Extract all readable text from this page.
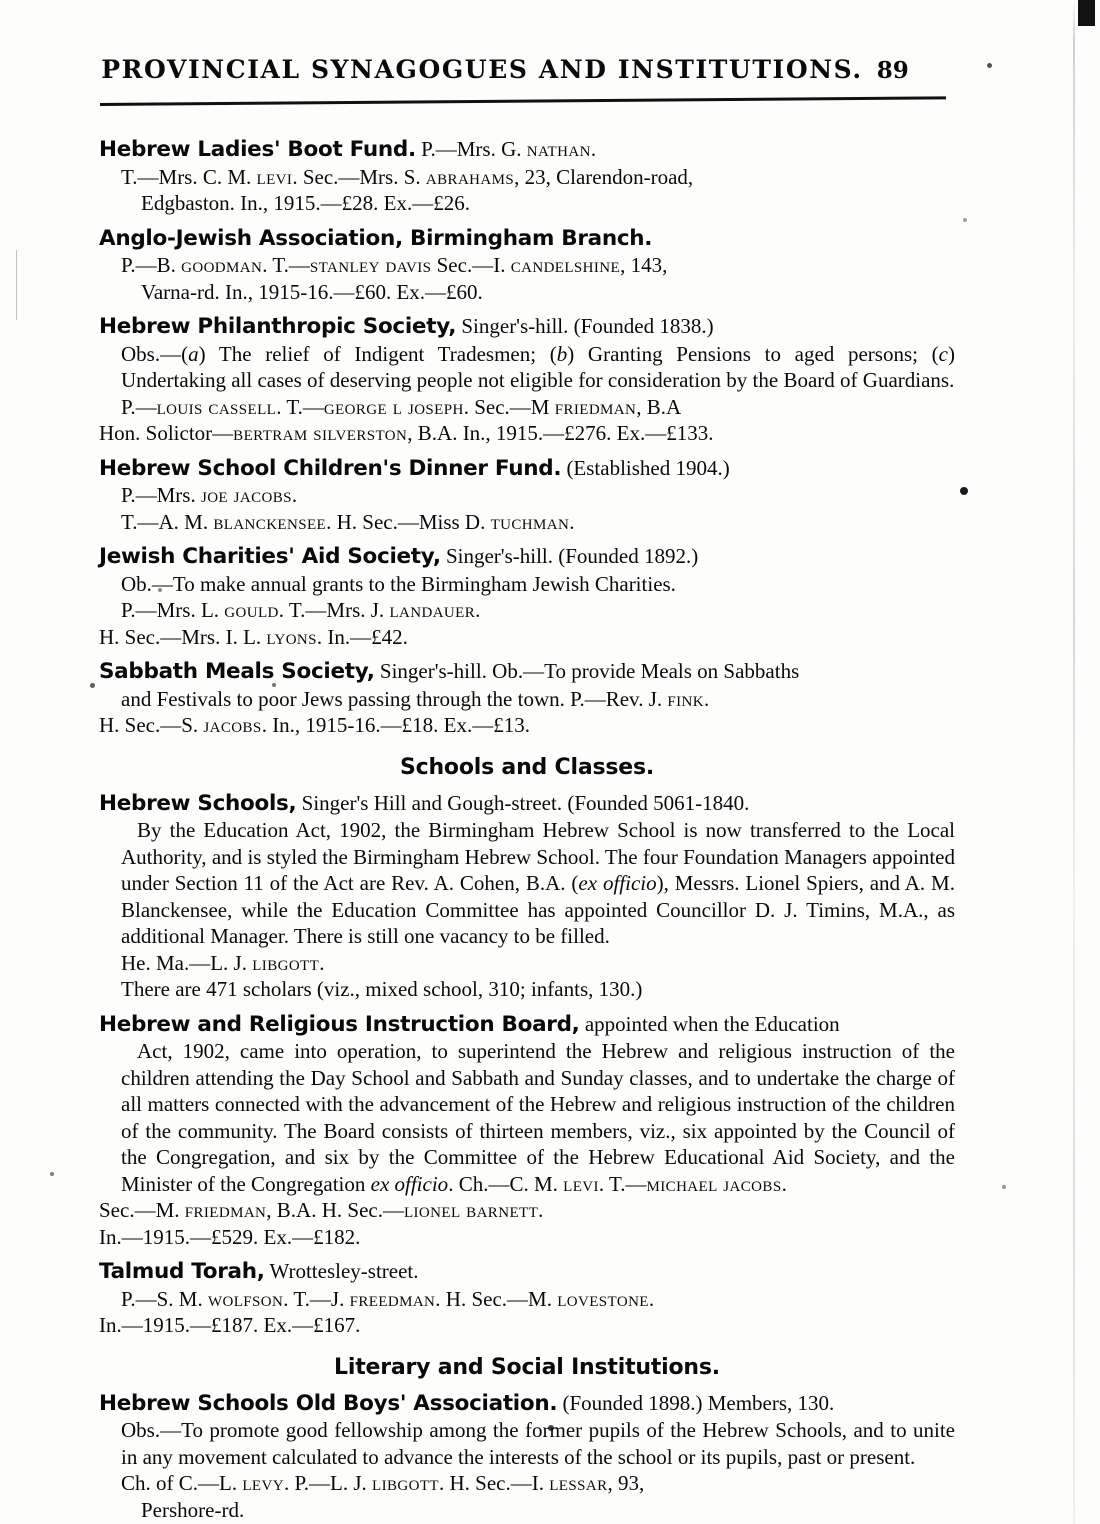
PROVINCIAL SYNAGOGUES AND INSTITUTIONS. 89
Hebrew Ladies' Boot Fund. P.—Mrs. G. nathan.
T.—Mrs. C. M. levi. Sec.—Mrs. S. abrahams, 23, Clarendon-road,
Edgbaston. In., 1915.—£28. Ex.—£26.
Anglo-Jewish Association, Birmingham Branch.
P.—B. goodman. T.—stanley davis Sec.—I. candelshine, 143,
Varna-rd. In., 1915-16.—£60. Ex.—£60.
Hebrew Philanthropic Society, Singer's-hill. (Founded 1838.)
Obs.—(a) The relief of Indigent Tradesmen; (b) Granting Pensions to aged persons; (c) Undertaking all cases of deserving people not eligible for consideration by the Board of Guardians.
P.—louis cassell. T.—george l joseph. Sec.—M friedman, B.A
Hon. Solictor—bertram silverston, B.A. In., 1915.—£276. Ex.—£133.
Hebrew School Children's Dinner Fund. (Established 1904.)
P.—Mrs. joe jacobs.
T.—A. M. blanckensee. H. Sec.—Miss D. tuchman.
Jewish Charities' Aid Society, Singer's-hill. (Founded 1892.)
Ob.—To make annual grants to the Birmingham Jewish Charities.
P.—Mrs. L. gould. T.—Mrs. J. landauer.
H. Sec.—Mrs. I. L. lyons. In.—£42.
Sabbath Meals Society, Singer's-hill. Ob.—To provide Meals on Sabbaths
and Festivals to poor Jews passing through the town. P.—Rev. J. fink.
H. Sec.—S. jacobs. In., 1915-16.—£18. Ex.—£13.
Schools and Classes.
Hebrew Schools, Singer's Hill and Gough-street. (Founded 5061-1840.
By the Education Act, 1902, the Birmingham Hebrew School is now transferred to the Local Authority, and is styled the Birmingham Hebrew School. The four Foundation Managers appointed under Section 11 of the Act are Rev. A. Cohen, B.A. (ex officio), Messrs. Lionel Spiers, and A. M. Blanckensee, while the Education Committee has appointed Councillor D. J. Timins, M.A., as additional Manager. There is still one vacancy to be filled.
He. Ma.—L. J. libgott.
There are 471 scholars (viz., mixed school, 310; infants, 130.)
Hebrew and Religious Instruction Board, appointed when the Education
Act, 1902, came into operation, to superintend the Hebrew and religious instruction of the children attending the Day School and Sabbath and Sunday classes, and to undertake the charge of all matters connected with the advancement of the Hebrew and religious instruction of the children of the community. The Board consists of thirteen members, viz., six appointed by the Council of the Congregation, and six by the Committee of the Hebrew Educational Aid Society, and the Minister of the Congregation ex officio. Ch.—C. M. levi. T.—michael jacobs.
Sec.—M. friedman, B.A. H. Sec.—lionel barnett.
In.—1915.—£529. Ex.—£182.
Talmud Torah, Wrottesley-street.
P.—S. M. wolfson. T.—J. freedman. H. Sec.—M. lovestone.
In.—1915.—£187. Ex.—£167.
Literary and Social Institutions.
Hebrew Schools Old Boys' Association. (Founded 1898.) Members, 130.
Obs.—To promote good fellowship among the former pupils of the Hebrew Schools, and to unite in any movement calculated to advance the interests of the school or its pupils, past or present.
Ch. of C.—L. levy. P.—L. J. libgott. H. Sec.—I. lessar, 93,
Pershore-rd.
